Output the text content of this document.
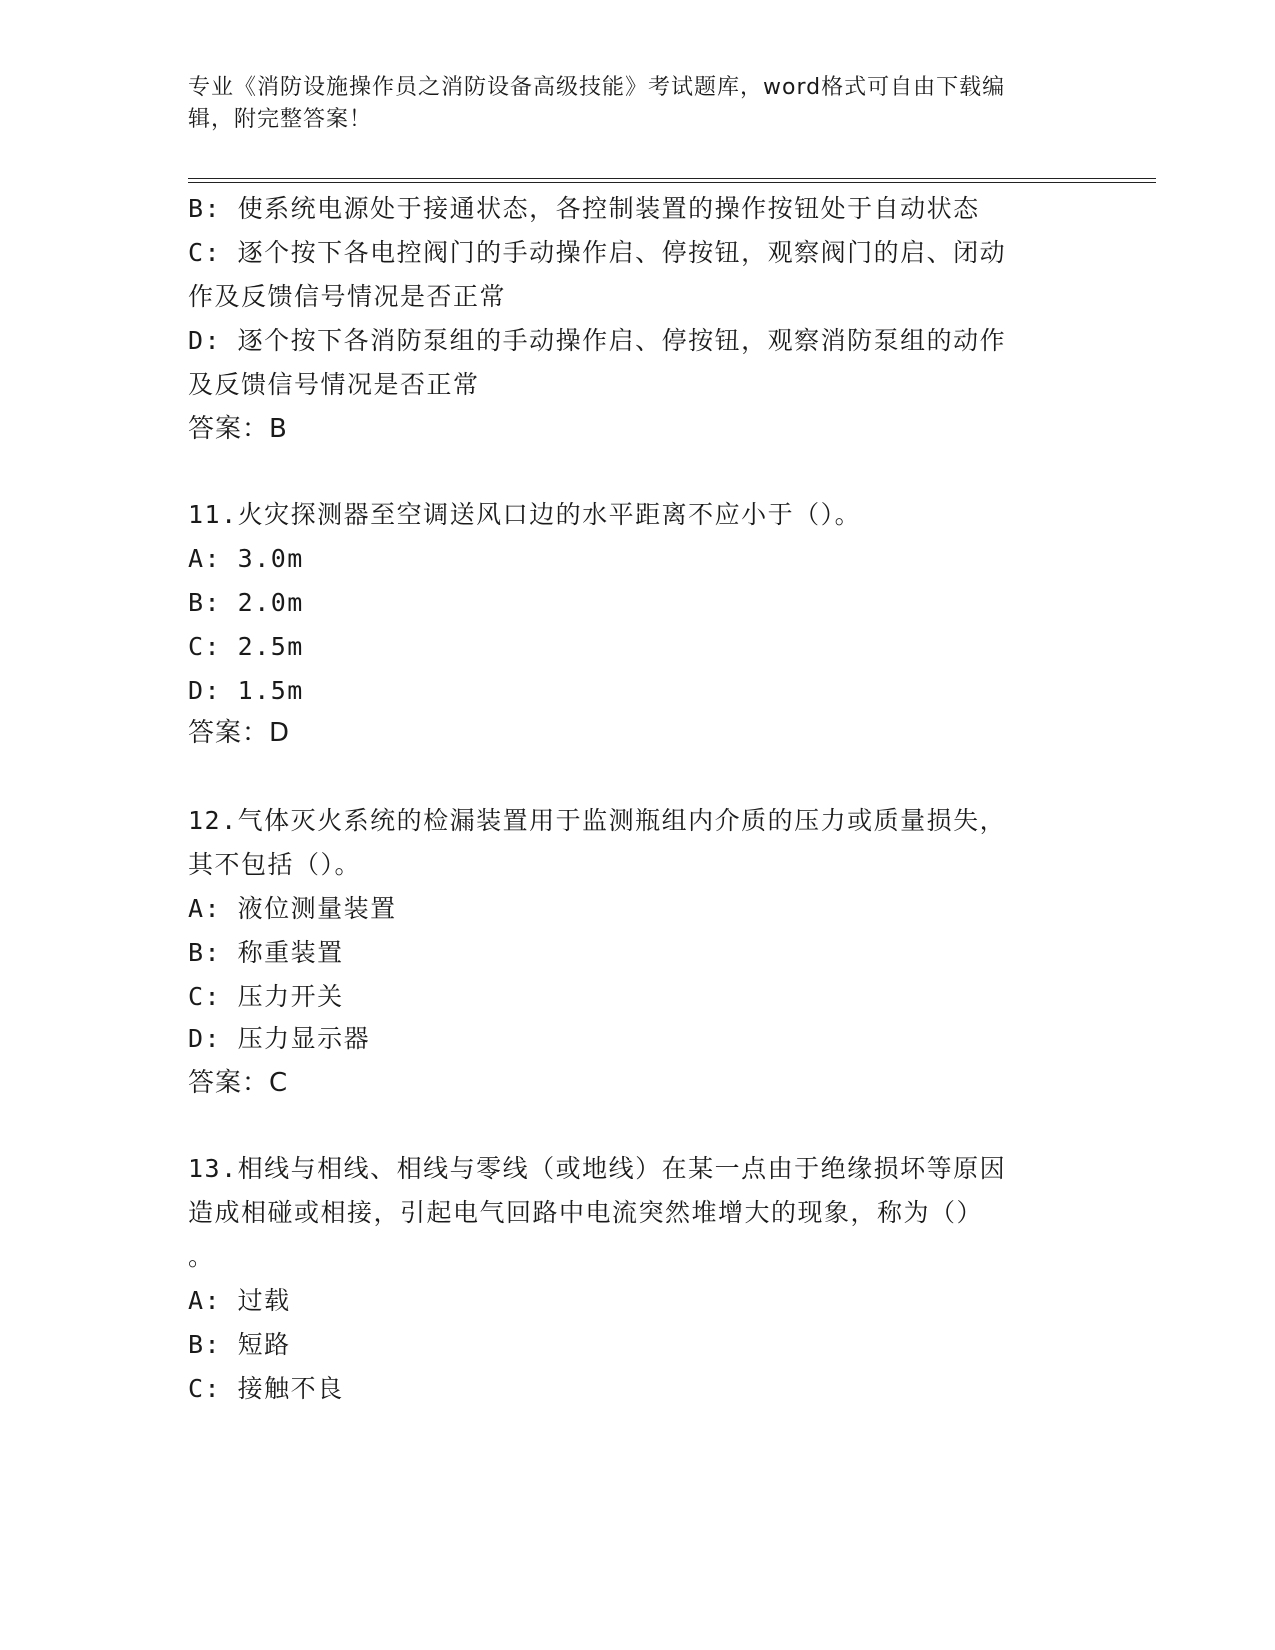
专业《消防设施操作员之消防设备高级技能》考试题库，word格式可自由下载编
辑，附完整答案！
B: 使系统电源处于接通状态，各控制装置的操作按钮处于自动状态
C: 逐个按下各电控阀门的手动操作启、停按钮，观察阀门的启、闭动
作及反馈信号情况是否正常
D: 逐个按下各消防泵组的手动操作启、停按钮，观察消防泵组的动作
及反馈信号情况是否正常
答案：B
11.火灾探测器至空调送风口边的水平距离不应小于（）。
A: 3.0m
B: 2.0m
C: 2.5m
D: 1.5m
答案：D
12.气体灭火系统的检漏装置用于监测瓶组内介质的压力或质量损失，
其不包括（）。
A: 液位测量装置
B: 称重装置
C: 压力开关
D: 压力显示器
答案：C
13.相线与相线、相线与零线（或地线）在某一点由于绝缘损坏等原因
造成相碰或相接，引起电气回路中电流突然堆增大的现象，称为（）
。
A: 过载
B: 短路
C: 接触不良
